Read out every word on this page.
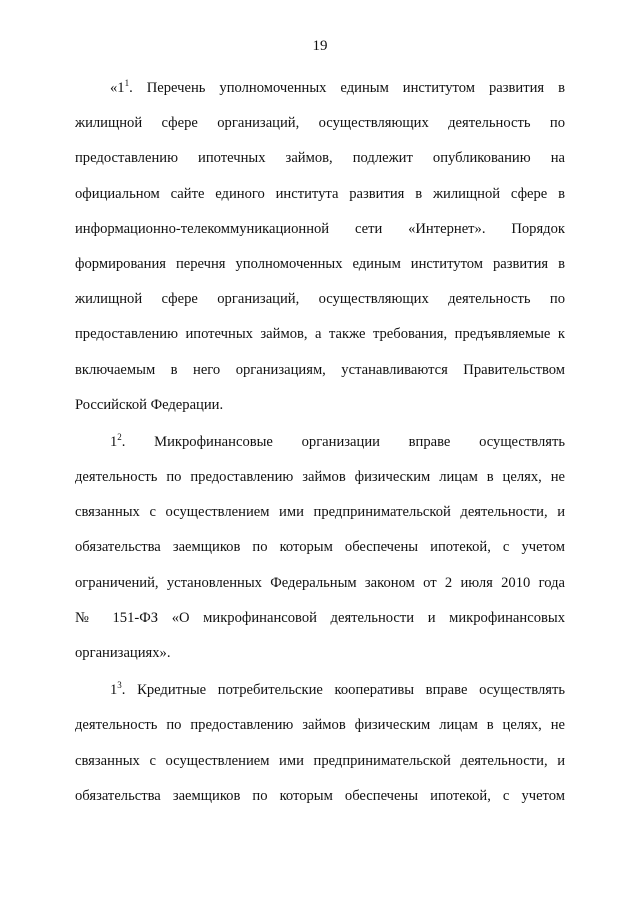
19
«$1^1$. Перечень уполномоченных единым институтом развития в
жилищной сфере организаций, осуществляющих деятельность по
предоставлению ипотечных займов, подлежит опубликованию на
официальном сайте единого института развития в жилищной сфере в
информационно-телекоммуникационной сети «Интернет». Порядок
формирования перечня уполномоченных единым институтом развития в
жилищной сфере организаций, осуществляющих деятельность по
предоставлению ипотечных займов, а также требования, предъявляемые к
включаемым в него организациям, устанавливаются Правительством
Российской Федерации.
$1^2$. Микрофинансовые организации вправе осуществлять
деятельность по предоставлению займов физическим лицам в целях, не
связанных с осуществлением ими предпринимательской деятельности, и
обязательства заемщиков по которым обеспечены ипотекой, с учетом
ограничений, установленных Федеральным законом от 2 июля 2010 года
№ 151-ФЗ «О микрофинансовой деятельности и микрофинансовых
организациях».
$1^3$. Кредитные потребительские кооперативы вправе осуществлять
деятельность по предоставлению займов физическим лицам в целях, не
связанных с осуществлением ими предпринимательской деятельности, и
обязательства заемщиков по которым обеспечены ипотекой, с учетом
